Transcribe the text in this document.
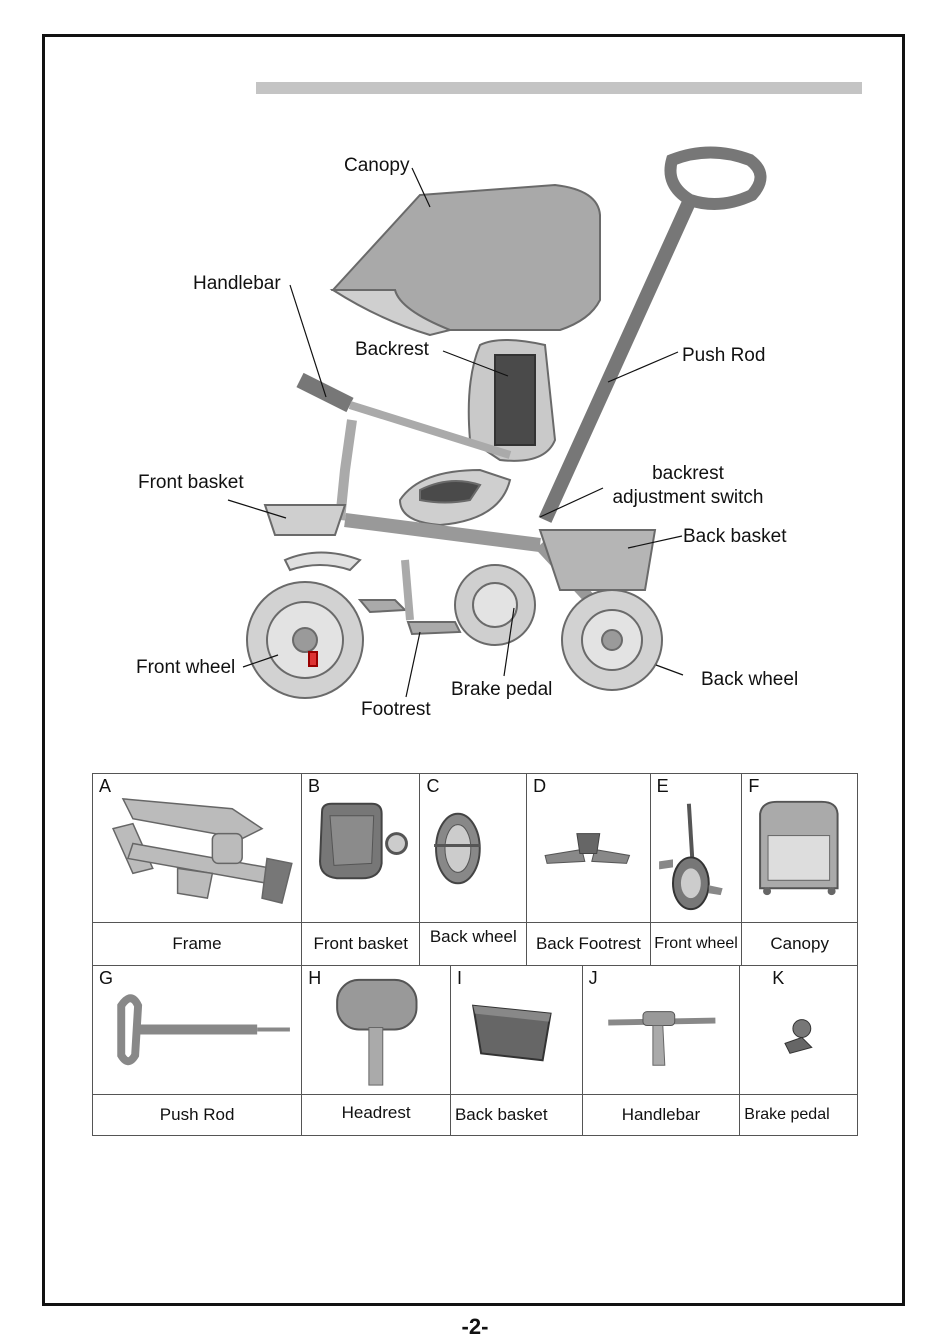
Canopy
Handlebar
Backrest	Push Rod
Front basket	backrest
adjustment switch
Back basket
Front wheel
Brake pedal	Back wheel
Footrest
A	B	C	D	E	F

Frame	Front basket	Back wheel	Back Footrest	Front wheel	Canopy
G	H	I	J	K

Push Rod	Headrest	Back basket	Handlebar	Brake pedal
-2-
